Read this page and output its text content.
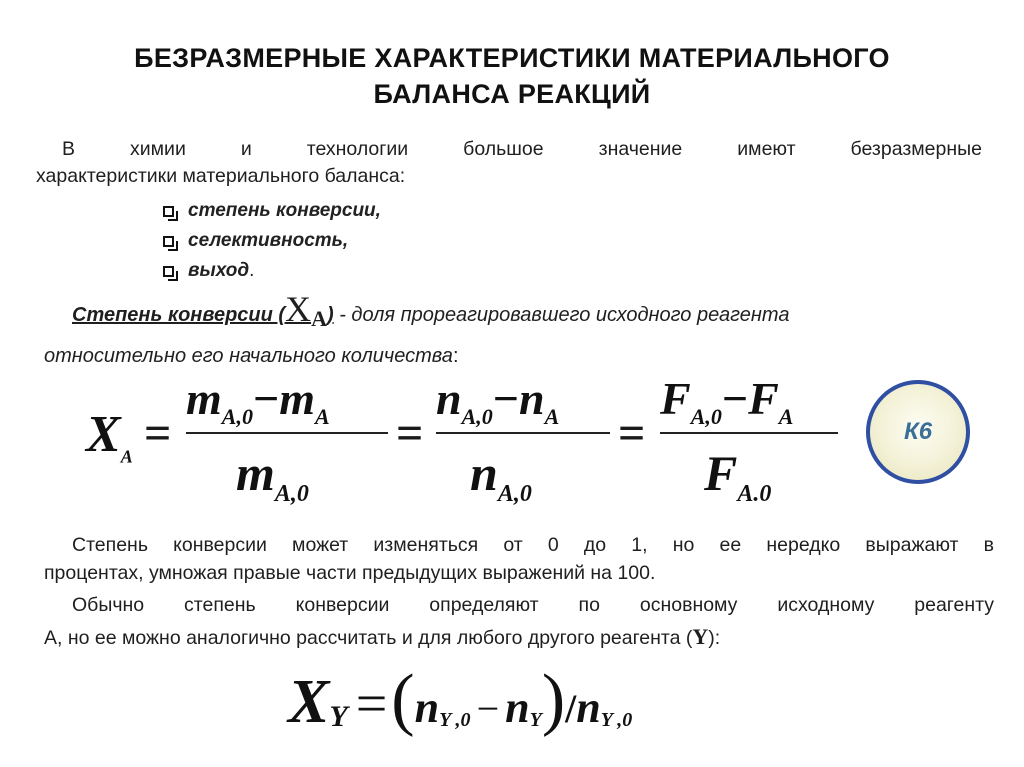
БЕЗРАЗМЕРНЫЕ ХАРАКТЕРИСТИКИ МАТЕРИАЛЬНОГО
БАЛАНСА РЕАКЦИЙ
В химии и технологии большое значение имеют безразмерные
характеристики материального баланса:
степень конверсии,
селективность,
выход .
Степень конверсии $(X_A)$ - доля прореагировавшего исходного реагента
относительно его начального количества:
$X_A$ =
$m_{A,0}-m_A$
$m_{A,0}$
=
$n_{A,0}-n_A$
$n_{A,0}$
=
$F_{A,0}-F_A$
$F_{A.0}$
К6
Степень конверсии может изменяться от 0 до 1, но ее нередко выражают в
процентах, умножая правые части предыдущих выражений на 100.
Обычно степень конверсии определяют по основному исходному реагенту
А, но ее можно аналогично рассчитать и для любого другого реагента (Y):
$X_Y =(n_{Y ,0} - n_Y)/n_{Y ,0}$
